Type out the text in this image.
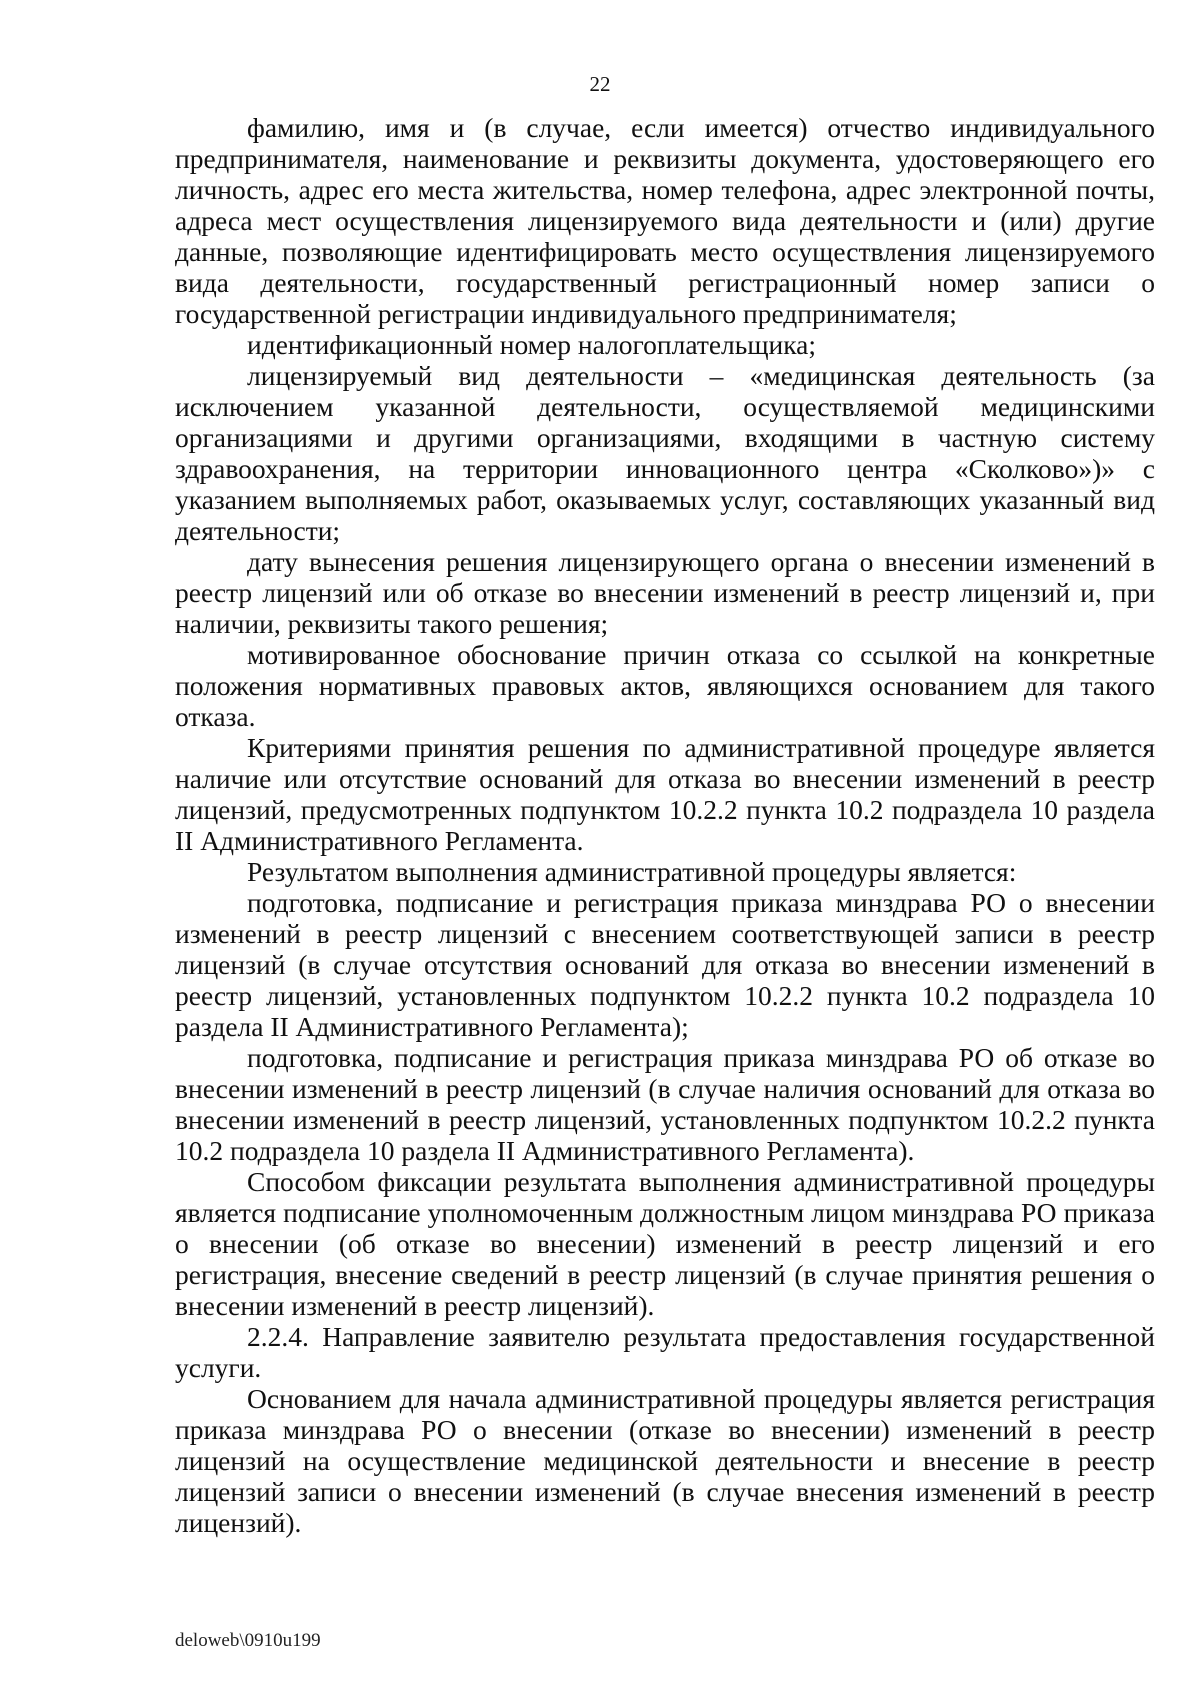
22

фамилию, имя и (в случае, если имеется) отчество индивидуального предпринимателя, наименование и реквизиты документа, удостоверяющего его личность, адрес его места жительства, номер телефона, адрес электронной почты, адреса мест осуществления лицензируемого вида деятельности и (или) другие данные, позволяющие идентифицировать место осуществления лицензируемого вида деятельности, государственный регистрационный номер записи о государственной регистрации индивидуального предпринимателя;

идентификационный номер налогоплательщика;

лицензируемый вид деятельности – «медицинская деятельность (за исключением указанной деятельности, осуществляемой медицинскими организациями и другими организациями, входящими в частную систему здравоохранения, на территории инновационного центра «Сколково»)» с указанием выполняемых работ, оказываемых услуг, составляющих указанный вид деятельности;

дату вынесения решения лицензирующего органа о внесении изменений в реестр лицензий или об отказе во внесении изменений в реестр лицензий и, при наличии, реквизиты такого решения;

мотивированное обоснование причин отказа со ссылкой на конкретные положения нормативных правовых актов, являющихся основанием для такого отказа.

Критериями принятия решения по административной процедуре является наличие или отсутствие оснований для отказа во внесении изменений в реестр лицензий, предусмотренных подпунктом 10.2.2 пункта 10.2 подраздела 10 раздела II Административного Регламента.

Результатом выполнения административной процедуры является:

подготовка, подписание и регистрация приказа минздрава РО о внесении изменений в реестр лицензий с внесением соответствующей записи в реестр лицензий (в случае отсутствия оснований для отказа во внесении изменений в реестр лицензий, установленных подпунктом 10.2.2 пункта 10.2 подраздела 10 раздела II Административного Регламента);

подготовка, подписание и регистрация приказа минздрава РО об отказе во внесении изменений в реестр лицензий (в случае наличия оснований для отказа во внесении изменений в реестр лицензий, установленных подпунктом 10.2.2 пункта 10.2 подраздела 10 раздела II Административного Регламента).

Способом фиксации результата выполнения административной процедуры является подписание уполномоченным должностным лицом минздрава РО приказа о внесении (об отказе во внесении) изменений в реестр лицензий и его регистрация, внесение сведений в реестр лицензий (в случае принятия решения о внесении изменений в реестр лицензий).

2.2.4. Направление заявителю результата предоставления государственной услуги.

Основанием для начала административной процедуры является регистрация приказа минздрава РО о внесении (отказе во внесении) изменений в реестр лицензий на осуществление медицинской деятельности и внесение в реестр лицензий записи о внесении изменений (в случае внесения изменений в реестр лицензий).

deloweb\0910u199
